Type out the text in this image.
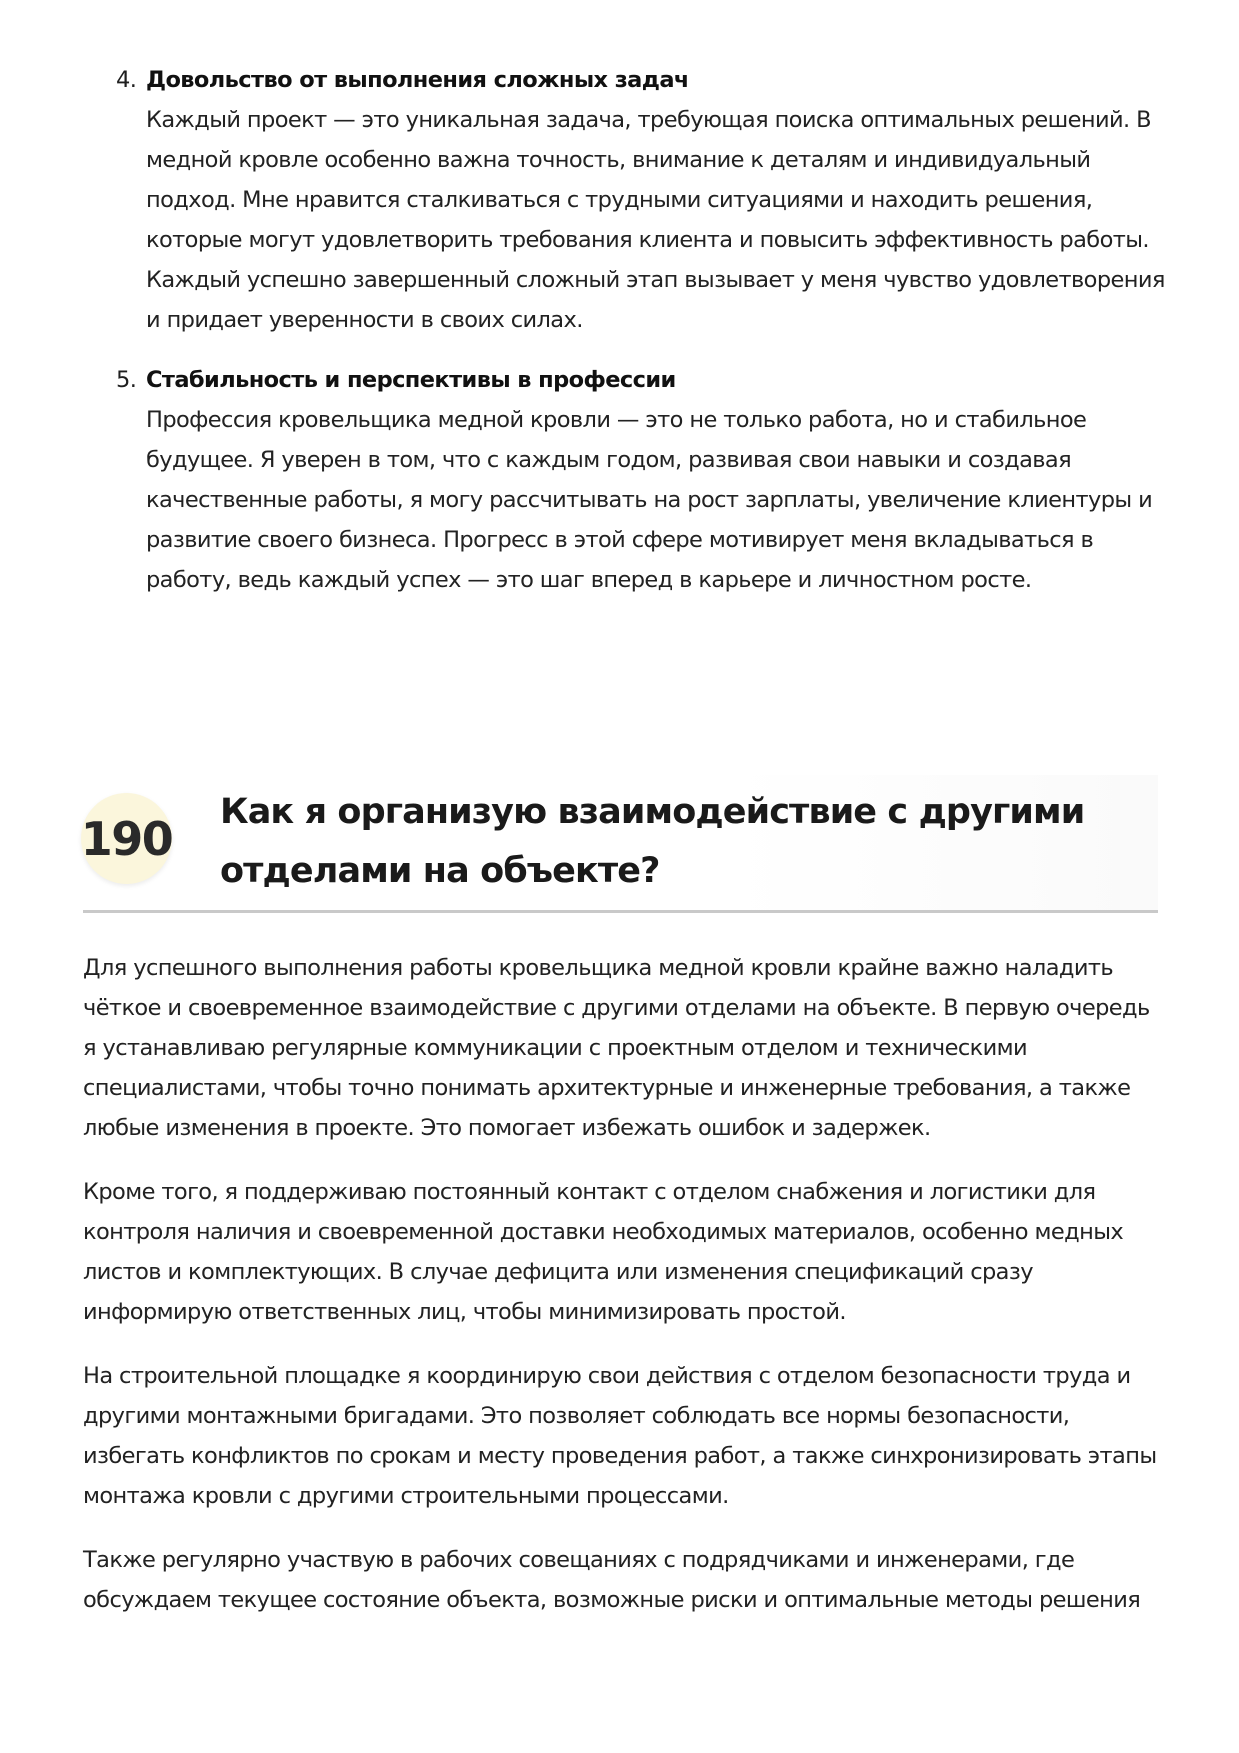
4. Довольство от выполнения сложных задач
Каждый проект — это уникальная задача, требующая поиска оптимальных решений. В медной кровле особенно важна точность, внимание к деталям и индивидуальный подход. Мне нравится сталкиваться с трудными ситуациями и находить решения, которые могут удовлетворить требования клиента и повысить эффективность работы. Каждый успешно завершенный сложный этап вызывает у меня чувство удовлетворения и придает уверенности в своих силах.
5. Стабильность и перспективы в профессии
Профессия кровельщика медной кровли — это не только работа, но и стабильное будущее. Я уверен в том, что с каждым годом, развивая свои навыки и создавая качественные работы, я могу рассчитывать на рост зарплаты, увеличение клиентуры и развитие своего бизнеса. Прогресс в этой сфере мотивирует меня вкладываться в работу, ведь каждый успех — это шаг вперед в карьере и личностном росте.
190 Как я организую взаимодействие с другими отделами на объекте?

Для успешного выполнения работы кровельщика медной кровли крайне важно наладить чёткое и своевременное взаимодействие с другими отделами на объекте. В первую очередь я устанавливаю регулярные коммуникации с проектным отделом и техническими специалистами, чтобы точно понимать архитектурные и инженерные требования, а также любые изменения в проекте. Это помогает избежать ошибок и задержек.

Кроме того, я поддерживаю постоянный контакт с отделом снабжения и логистики для контроля наличия и своевременной доставки необходимых материалов, особенно медных листов и комплектующих. В случае дефицита или изменения спецификаций сразу информирую ответственных лиц, чтобы минимизировать простой.

На строительной площадке я координирую свои действия с отделом безопасности труда и другими монтажными бригадами. Это позволяет соблюдать все нормы безопасности, избегать конфликтов по срокам и месту проведения работ, а также синхронизировать этапы монтажа кровли с другими строительными процессами.

Также регулярно участвую в рабочих совещаниях с подрядчиками и инженерами, где обсуждаем текущее состояние объекта, возможные риски и оптимальные методы решения
